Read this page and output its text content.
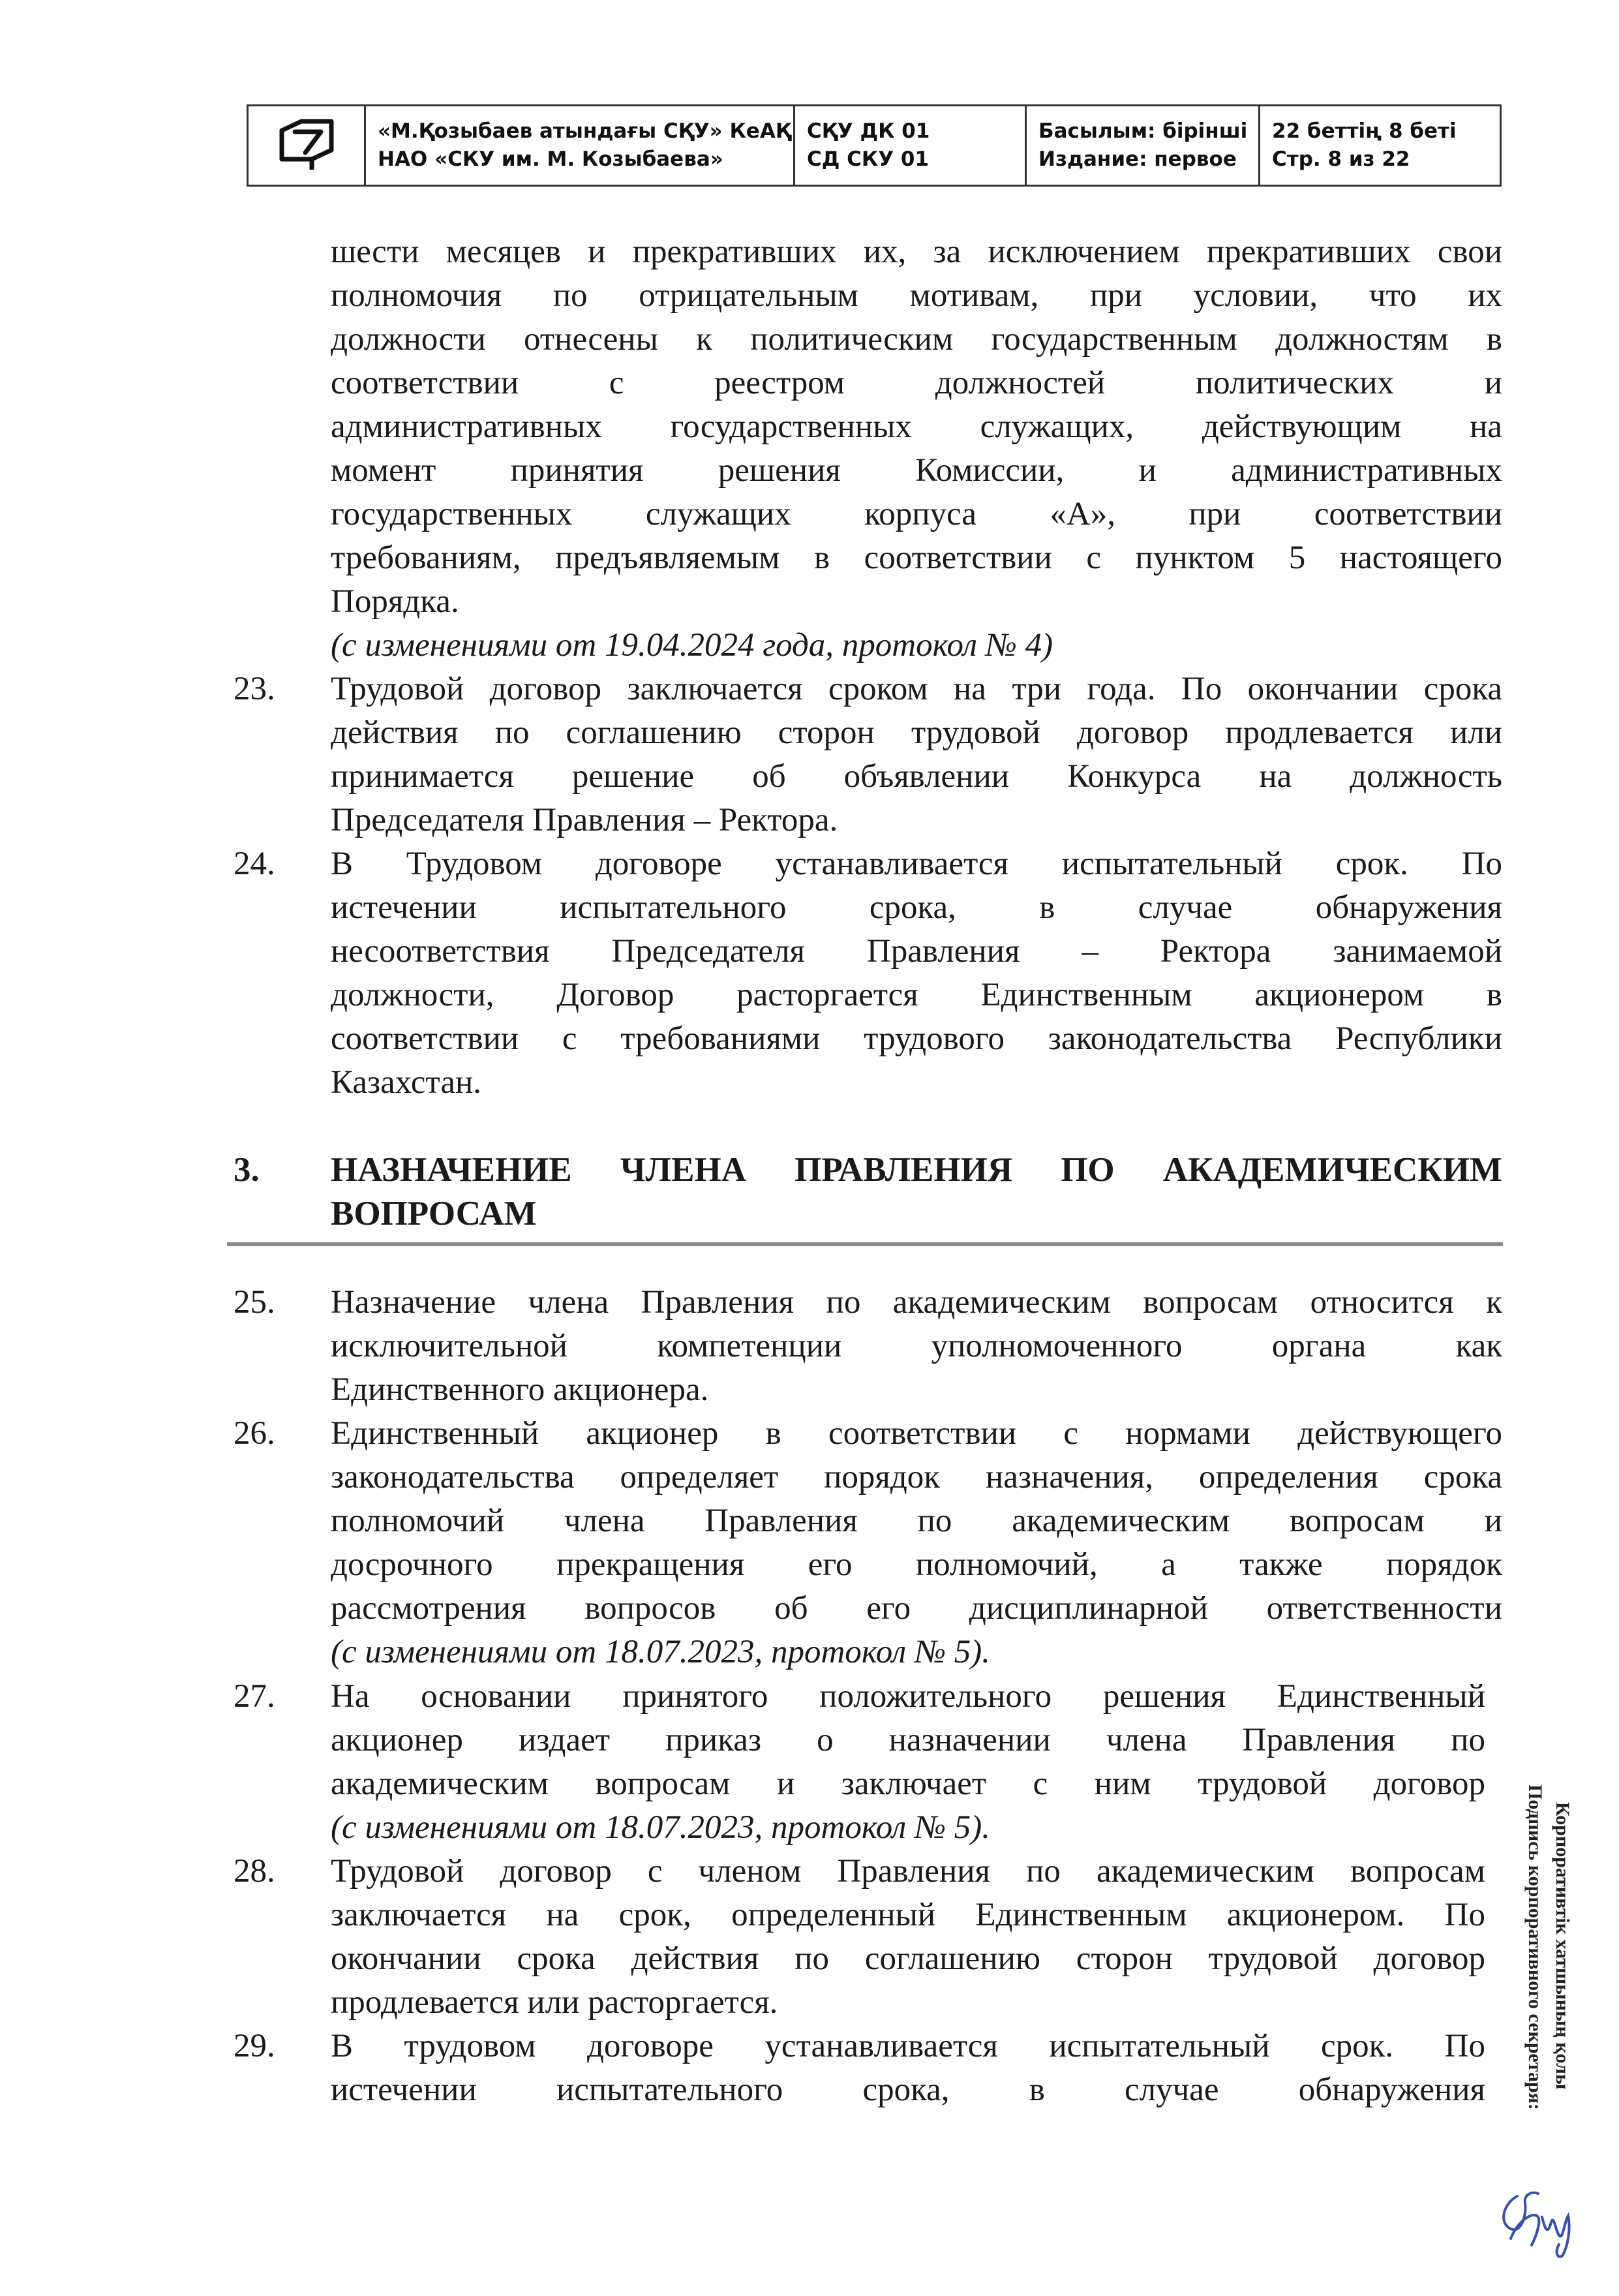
«М.Қозыбаев атындағы СҚУ» КеАҚ
НАО «СКУ им. М. Козыбаева»
СҚУ ДК 01
СД СКУ 01
Басылым: бірінші
Издание: первое
22 беттің 8 беті
Стр. 8 из 22
шести месяцев и прекративших их, за исключением прекративших свои
полномочия по отрицательным мотивам, при условии, что их
должности отнесены к политическим государственным должностям в
соответствии с реестром должностей политических и
административных государственных служащих, действующим на
момент принятия решения Комиссии, и административных
государственных служащих корпуса «А», при соответствии
требованиям, предъявляемым в соответствии с пунктом 5 настоящего
Порядка.
(с изменениями от 19.04.2024 года, протокол № 4)
23. Трудовой договор заключается сроком на три года. По окончании срока
действия по соглашению сторон трудовой договор продлевается или
принимается решение об объявлении Конкурса на должность
Председателя Правления – Ректора.
24. В Трудовом договоре устанавливается испытательный срок. По
истечении испытательного срока, в случае обнаружения
несоответствия Председателя Правления – Ректора занимаемой
должности, Договор расторгается Единственным акционером в
соответствии с требованиями трудового законодательства Республики
Казахстан.
3. НАЗНАЧЕНИЕ ЧЛЕНА ПРАВЛЕНИЯ ПО АКАДЕМИЧЕСКИМ
ВОПРОСАМ
25. Назначение члена Правления по академическим вопросам относится к
исключительной компетенции уполномоченного органа как
Единственного акционера.
26. Единственный акционер в соответствии с нормами действующего
законодательства определяет порядок назначения, определения срока
полномочий члена Правления по академическим вопросам и
досрочного прекращения его полномочий, а также порядок
рассмотрения вопросов об его дисциплинарной ответственности
(с изменениями от 18.07.2023, протокол № 5).
27. На основании принятого положительного решения Единственный
акционер издает приказ о назначении члена Правления по
академическим вопросам и заключает с ним трудовой договор
(с изменениями от 18.07.2023, протокол № 5).
28. Трудовой договор с членом Правления по академическим вопросам
заключается на срок, определенный Единственным акционером. По
окончании срока действия по соглашению сторон трудовой договор
продлевается или расторгается.
29. В трудовом договоре устанавливается испытательный срок. По
истечении испытательного срока, в случае обнаружения
Корпоративтік хатшының қолы
Подпись корпоративного секретаря:
